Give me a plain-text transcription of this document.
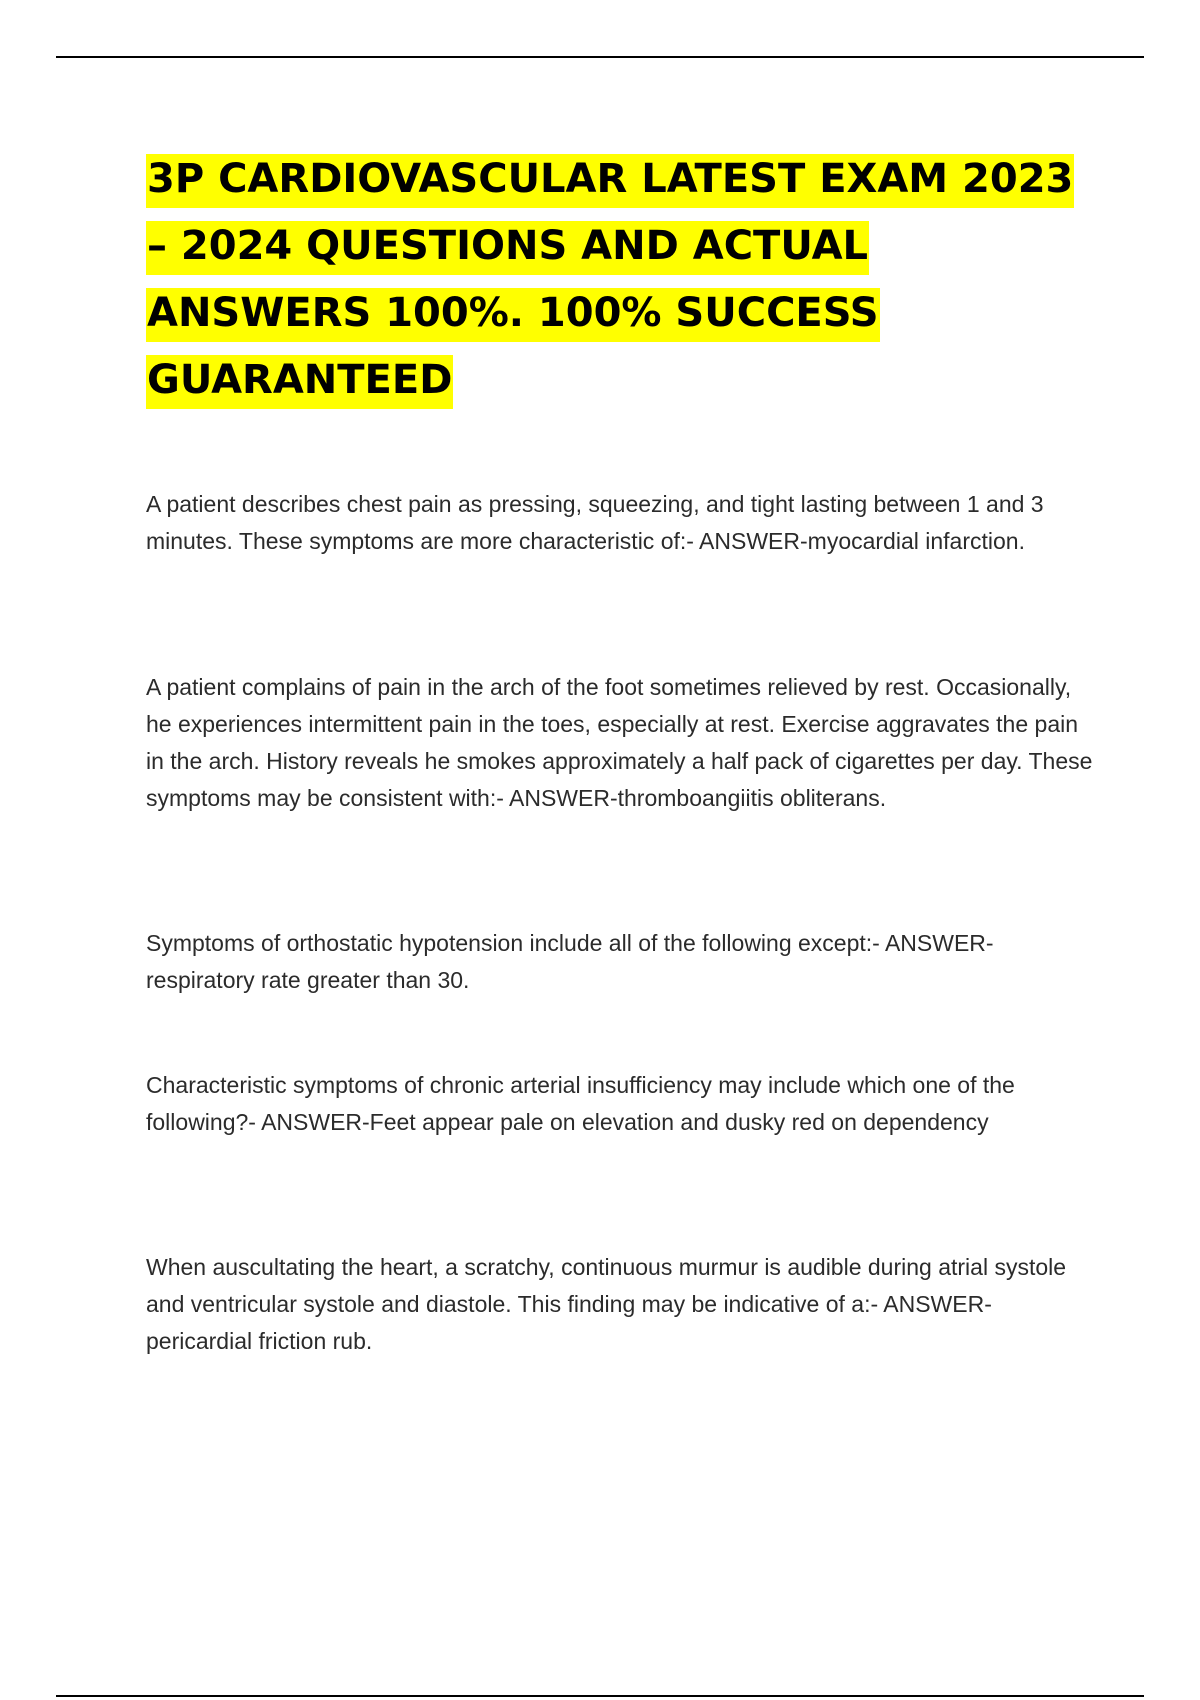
3P CARDIOVASCULAR LATEST EXAM 2023 – 2024 QUESTIONS AND ACTUAL ANSWERS 100%. 100% SUCCESS GUARANTEED

A patient describes chest pain as pressing, squeezing, and tight lasting between 1 and 3 minutes. These symptoms are more characteristic of:- ANSWER-myocardial infarction.

A patient complains of pain in the arch of the foot sometimes relieved by rest. Occasionally, he experiences intermittent pain in the toes, especially at rest. Exercise aggravates the pain in the arch. History reveals he smokes approximately a half pack of cigarettes per day. These symptoms may be consistent with:- ANSWER-thromboangiitis obliterans.

Symptoms of orthostatic hypotension include all of the following except:- ANSWER-respiratory rate greater than 30.

Characteristic symptoms of chronic arterial insufficiency may include which one of the following?- ANSWER-Feet appear pale on elevation and dusky red on dependency

When auscultating the heart, a scratchy, continuous murmur is audible during atrial systole and ventricular systole and diastole. This finding may be indicative of a:- ANSWER-pericardial friction rub.
